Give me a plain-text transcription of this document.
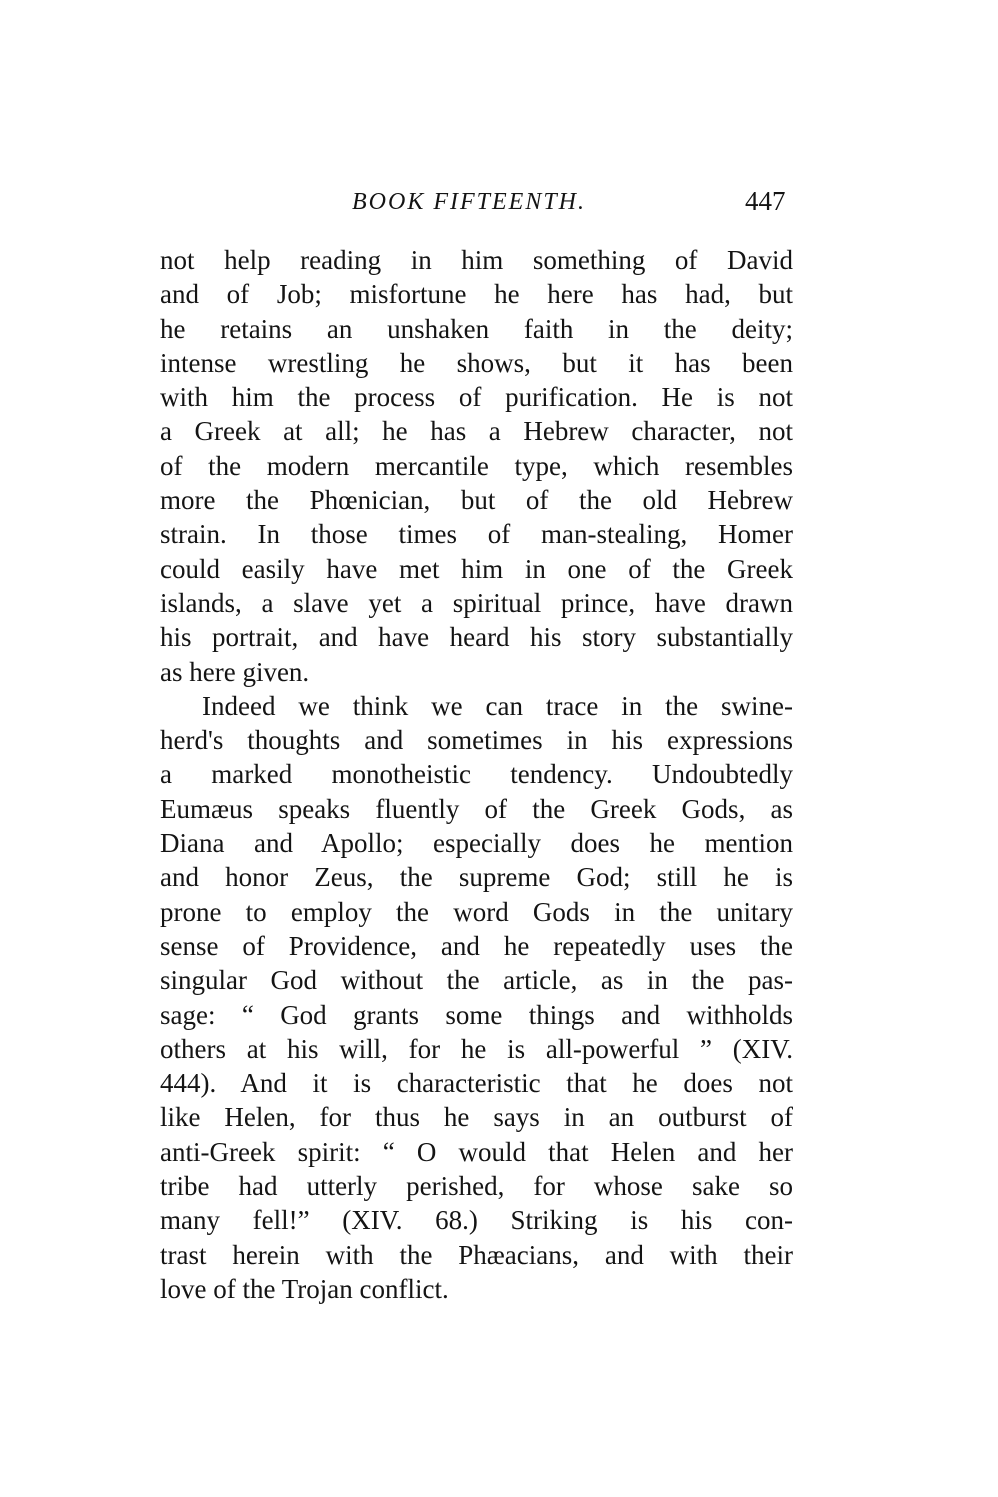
BOOK FIFTEENTH.	447
not help reading in him something of David
and of Job; misfortune he here has had, but
he retains an unshaken faith in the deity;
intense wrestling he shows, but it has been
with him the process of purification. He is not
a Greek at all; he has a Hebrew character, not
of the modern mercantile type, which resembles
more the Phœnician, but of the old Hebrew
strain. In those times of man-stealing, Homer
could easily have met him in one of the Greek
islands, a slave yet a spiritual prince, have drawn
his portrait, and have heard his story substantially
as here given.
Indeed we think we can trace in the swine-
herd's thoughts and sometimes in his expressions
a marked monotheistic tendency. Undoubtedly
Eumæus speaks fluently of the Greek Gods, as
Diana and Apollo; especially does he mention
and honor Zeus, the supreme God; still he is
prone to employ the word Gods in the unitary
sense of Providence, and he repeatedly uses the
singular God without the article, as in the pas-
sage: “ God grants some things and withholds
others at his will, for he is all-powerful ” (XIV.
444). And it is characteristic that he does not
like Helen, for thus he says in an outburst of
anti-Greek spirit: “ O would that Helen and her
tribe had utterly perished, for whose sake so
many fell!” (XIV. 68.) Striking is his con-
trast herein with the Phæacians, and with their
love of the Trojan conflict.
